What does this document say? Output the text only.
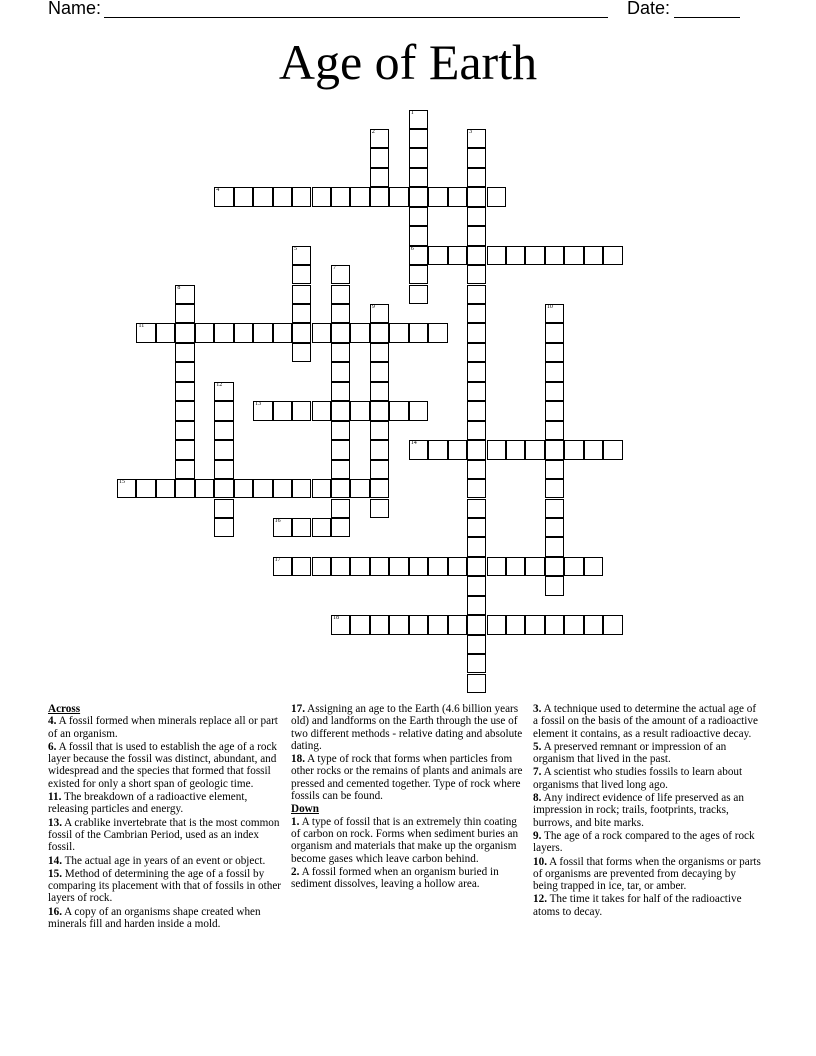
Name:	Date:
Age of Earth
1
6
2	3
4
5
7
8
9	10
11
12
13
14
15
16
17
18
Across
4. A fossil formed when minerals replace all or part of an organism.
6. A fossil that is used to establish the age of a rock layer because the fossil was distinct, abundant, and widespread and the species that formed that fossil existed for only a short span of geologic time.
11. The breakdown of a radioactive element, releasing particles and energy.
13. A crablike invertebrate that is the most common fossil of the Cambrian Period, used as an index fossil.
14. The actual age in years of an event or object.
15. Method of determining the age of a fossil by comparing its placement with that of fossils in other layers of rock.
16. A copy of an organisms shape created when minerals fill and harden inside a mold.
17. Assigning an age to the Earth (4.6 billion years old) and landforms on the Earth through the use of two different methods - relative dating and absolute dating.
18. A type of rock that forms when particles from other rocks or the remains of plants and animals are pressed and cemented together. Type of rock where fossils can be found.
Down
1. A type of fossil that is an extremely thin coating of carbon on rock. Forms when sediment buries an organism and materials that make up the organism become gases which leave carbon behind.
2. A fossil formed when an organism buried in sediment dissolves, leaving a hollow area.
3. A technique used to determine the actual age of a fossil on the basis of the amount of a radioactive element it contains, as a result radioactive decay.
5. A preserved remnant or impression of an organism that lived in the past.
7. A scientist who studies fossils to learn about organisms that lived long ago.
8. Any indirect evidence of life preserved as an impression in rock; trails, footprints, tracks, burrows, and bite marks.
9. The age of a rock compared to the ages of rock layers.
10. A fossil that forms when the organisms or parts of organisms are prevented from decaying by being trapped in ice, tar, or amber.
12. The time it takes for half of the radioactive atoms to decay.
